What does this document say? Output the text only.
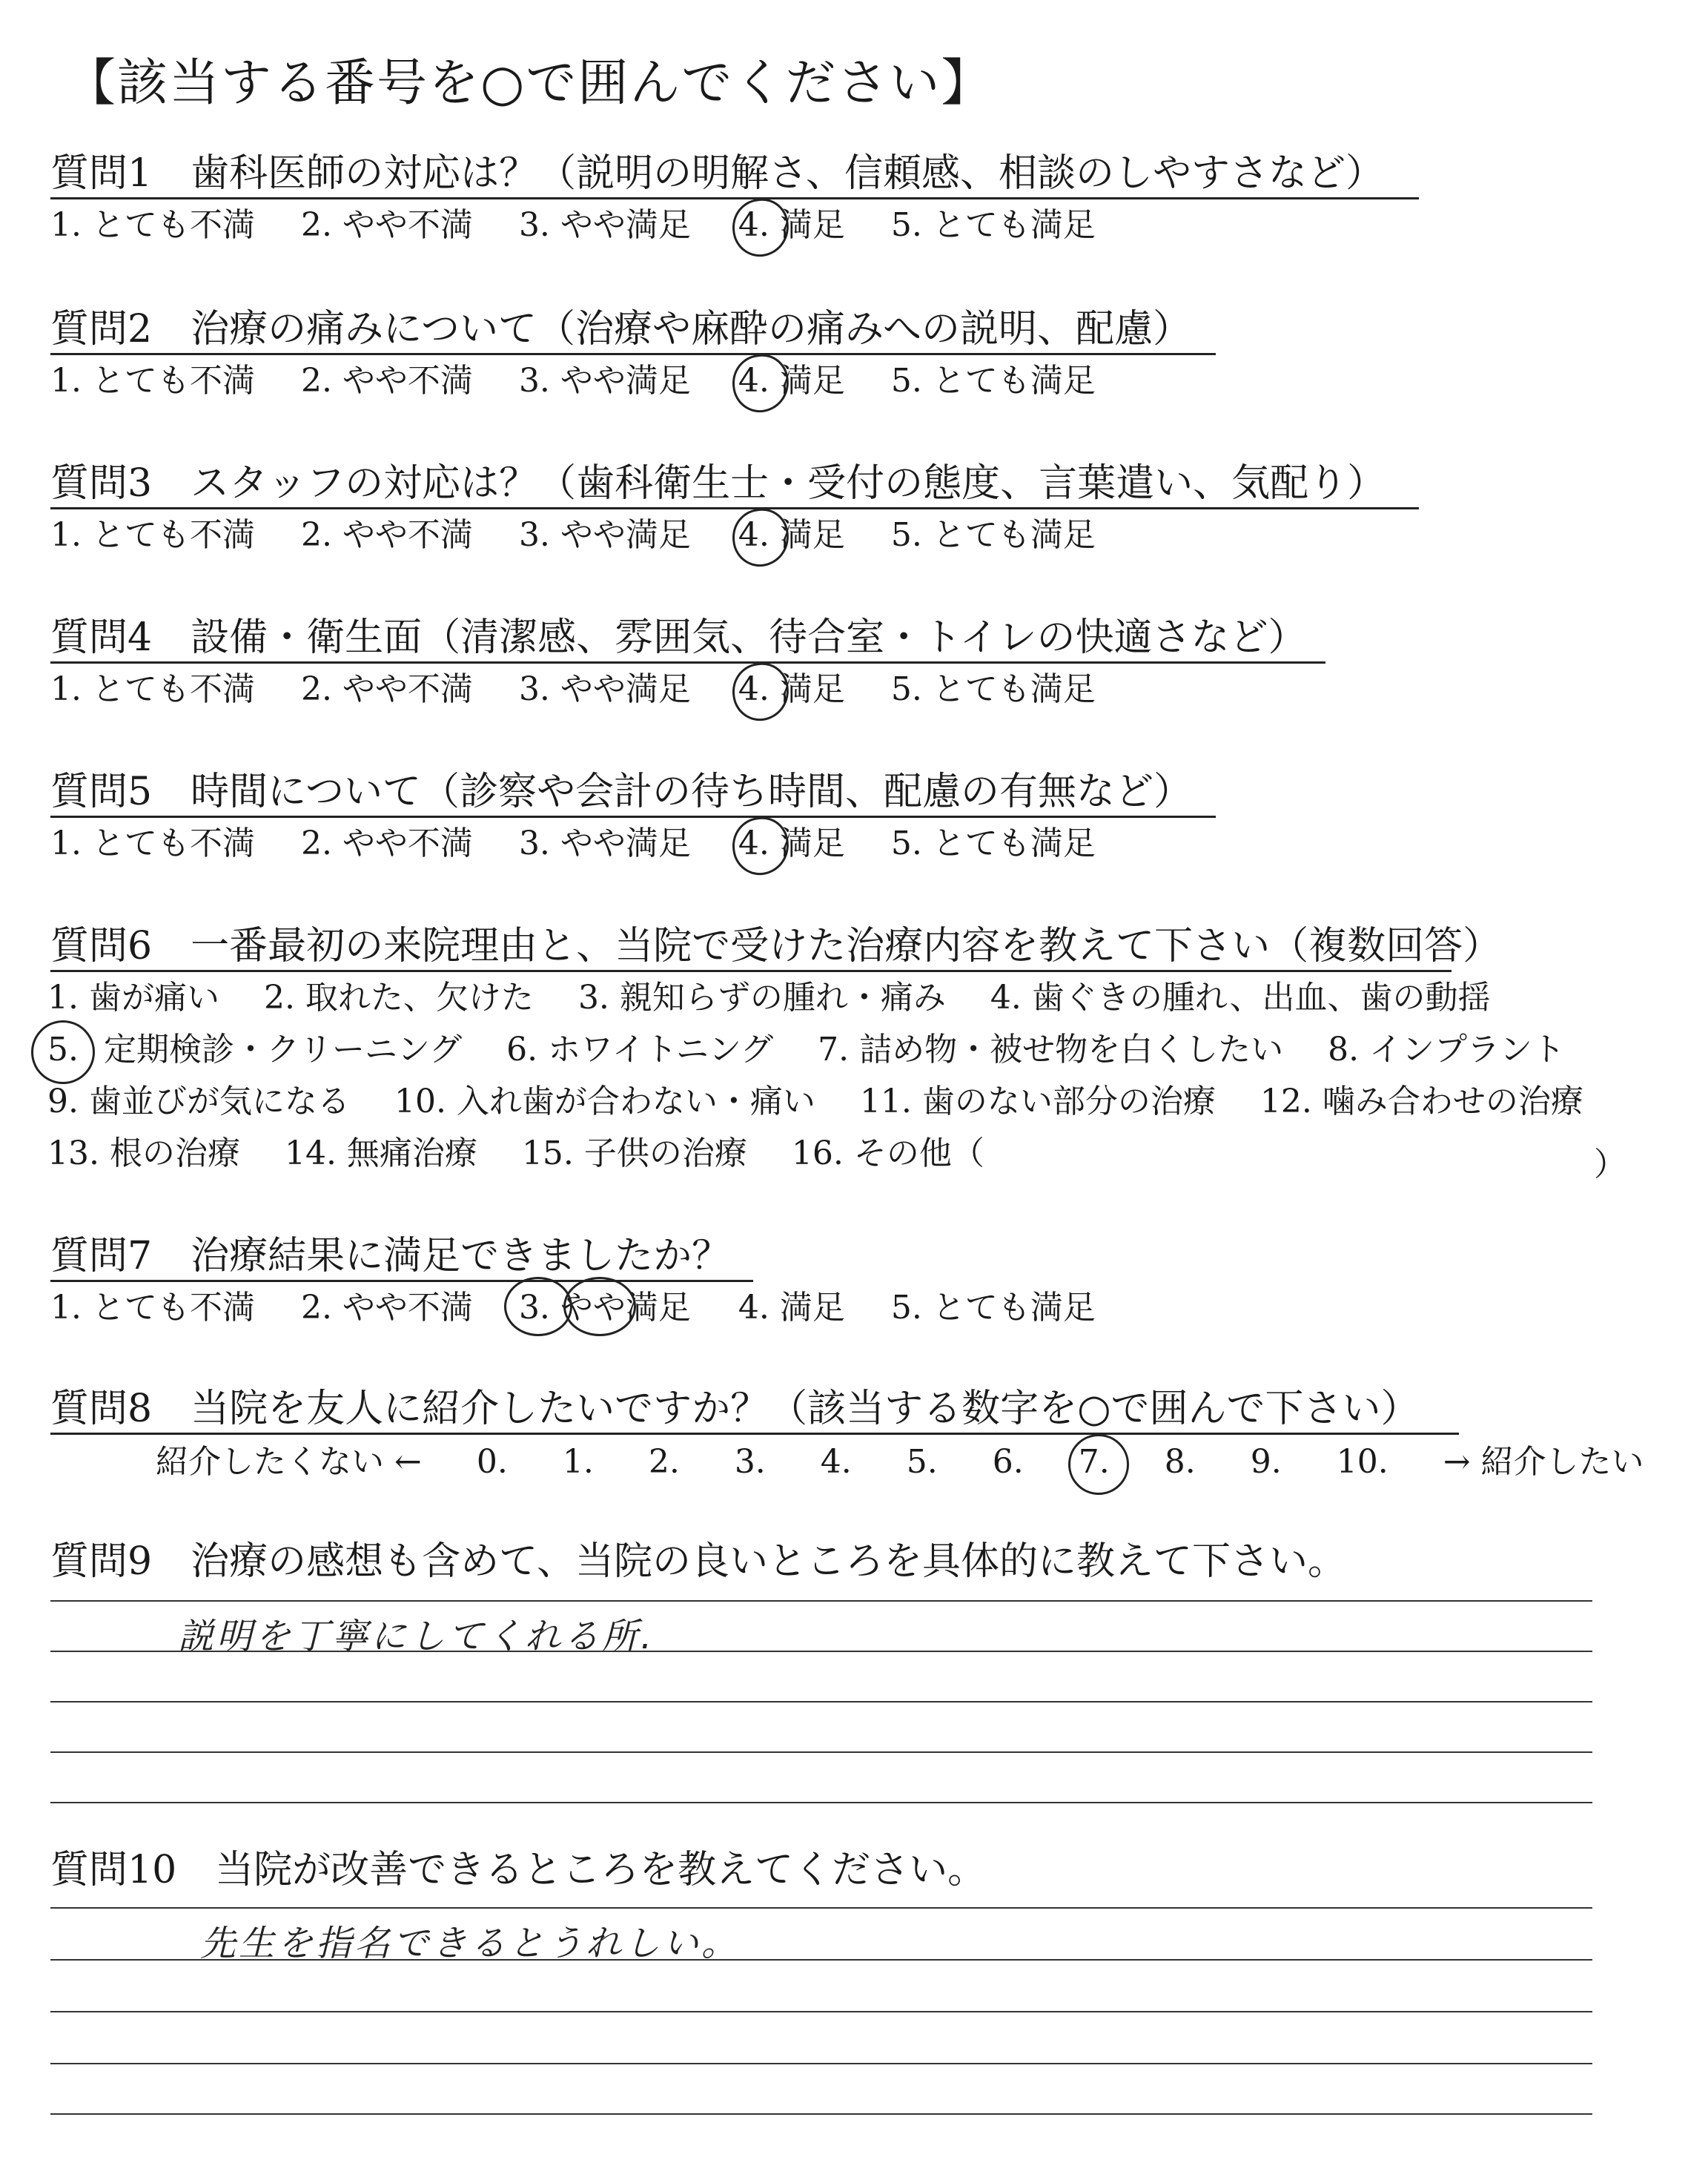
【該当する番号を○で囲んでください】
質問1　歯科医師の対応は？（説明の明解さ、信頼感、相談のしやすさなど）
1. とても不満 2. やや不満 3. やや満足 4. 満足 5. とても満足
質問2　治療の痛みについて（治療や麻酔の痛みへの説明、配慮）
1. とても不満 2. やや不満 3. やや満足 4. 満足 5. とても満足
質問3　スタッフの対応は？（歯科衛生士・受付の態度、言葉遣い、気配り）
1. とても不満 2. やや不満 3. やや満足 4. 満足 5. とても満足
質問4　設備・衛生面（清潔感、雰囲気、待合室・トイレの快適さなど）
1. とても不満 2. やや不満 3. やや満足 4. 満足 5. とても満足
質問5　時間について（診察や会計の待ち時間、配慮の有無など）
1. とても不満 2. やや不満 3. やや満足 4. 満足 5. とても満足
質問6　一番最初の来院理由と、当院で受けた治療内容を教えて下さい（複数回答）
1. 歯が痛い 2. 取れた、欠けた 3. 親知らずの腫れ・痛み 4. 歯ぐきの腫れ、出血、歯の動揺
5. 定期検診・クリーニング 6. ホワイトニング 7. 詰め物・被せ物を白くしたい 8. インプラント
9. 歯並びが気になる 10. 入れ歯が合わない・痛い 11. 歯のない部分の治療 12. 噛み合わせの治療
13. 根の治療 14. 無痛治療 15. 子供の治療 16. その他（	）
質問7　治療結果に満足できましたか？
1. とても不満 2. やや不満 3. やや満足 4. 満足 5. とても満足
質問8　当院を友人に紹介したいですか？（該当する数字を○で囲んで下さい）
紹介したくない ← 0. 1. 2. 3. 4. 5. 6. 7. 8. 9. 10. → 紹介したい
質問9　治療の感想も含めて、当院の良いところを具体的に教えて下さい。
説明を丁寧にしてくれる所.
質問10　当院が改善できるところを教えてください。
先生を指名できるとうれしい。
